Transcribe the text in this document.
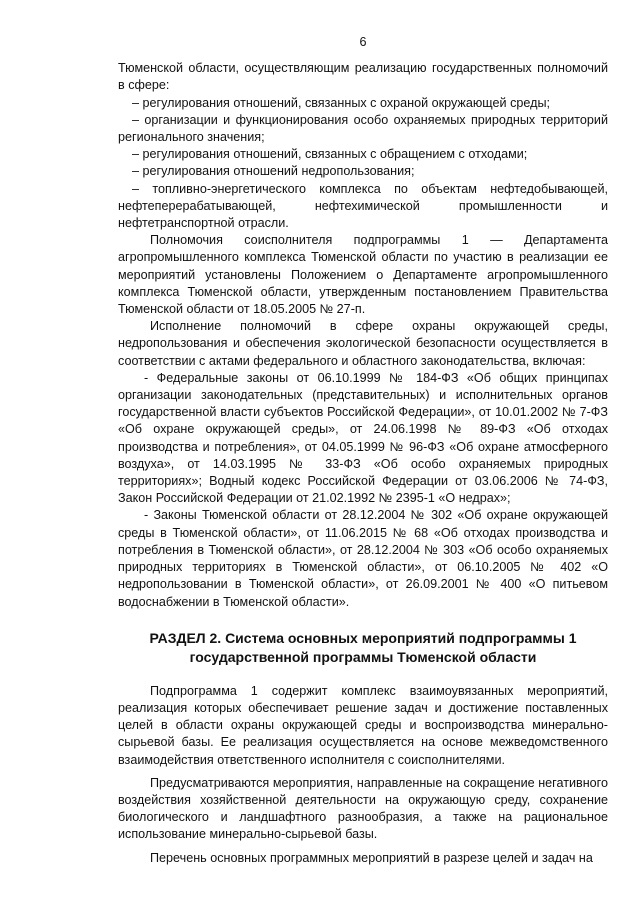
6

Тюменской области, осуществляющим реализацию государственных полномочий в сфере:

– регулирования отношений, связанных с охраной окружающей среды;

– организации и функционирования особо охраняемых природных территорий регионального значения;

– регулирования отношений, связанных с обращением с отходами;

– регулирования отношений недропользования;

– топливно-энергетического комплекса по объектам нефтедобывающей, нефтеперерабатывающей, нефтехимической промышленности и нефтетранспортной отрасли.

Полномочия соисполнителя подпрограммы 1 — Департамента агропромышленного комплекса Тюменской области по участию в реализации ее мероприятий установлены Положением о Департаменте агропромышленного комплекса Тюменской области, утвержденным постановлением Правительства Тюменской области от 18.05.2005 № 27-п.

Исполнение полномочий в сфере охраны окружающей среды, недропользования и обеспечения экологической безопасности осуществляется в соответствии с актами федерального и областного законодательства, включая:

- Федеральные законы от 06.10.1999 № 184-ФЗ «Об общих принципах организации законодательных (представительных) и исполнительных органов государственной власти субъектов Российской Федерации», от 10.01.2002 № 7-ФЗ «Об охране окружающей среды», от 24.06.1998 № 89-ФЗ «Об отходах производства и потребления», от 04.05.1999 № 96-ФЗ «Об охране атмосферного воздуха», от 14.03.1995 № 33-ФЗ «Об особо охраняемых природных территориях»; Водный кодекс Российской Федерации от 03.06.2006 № 74-ФЗ, Закон Российской Федерации от 21.02.1992 № 2395-1 «О недрах»;

- Законы Тюменской области от 28.12.2004 № 302 «Об охране окружающей среды в Тюменской области», от 11.06.2015 № 68 «Об отходах производства и потребления в Тюменской области», от 28.12.2004 № 303 «Об особо охраняемых природных территориях в Тюменской области», от 06.10.2005 № 402 «О недропользовании в Тюменской области», от 26.09.2001 № 400 «О питьевом водоснабжении в Тюменской области».

РАЗДЕЛ 2. Система основных мероприятий подпрограммы 1 государственной программы Тюменской области

Подпрограмма 1 содержит комплекс взаимоувязанных мероприятий, реализация которых обеспечивает решение задач и достижение поставленных целей в области охраны окружающей среды и воспроизводства минерально-сырьевой базы. Ее реализация осуществляется на основе межведомственного взаимодействия ответственного исполнителя с соисполнителями.

Предусматриваются мероприятия, направленные на сокращение негативного воздействия хозяйственной деятельности на окружающую среду, сохранение биологического и ландшафтного разнообразия, а также на рациональное использование минерально-сырьевой базы.

Перечень основных программных мероприятий в разрезе целей и задач на
